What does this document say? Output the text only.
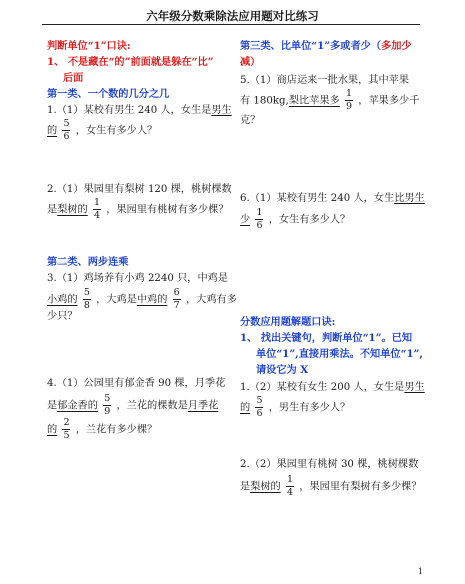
六年级分数乘除法应用题对比练习
判断单位“1”口诀:
1、 不是藏在“的”前面就是躲在“比”
后面
第一类、一个数的几分之几
1.（1）某校有男生 240 人，女生是男生
的 $\frac{5}{6}$ ，女生有多少人？
2.（1）果园里有梨树 120 棵，桃树棵数
是梨树的 $\frac{1}{4}$ ，果园里有桃树有多少棵？
第二类、两步连乘
3.（1）鸡场养有小鸡 2240 只，中鸡是
小鸡的 $\frac{5}{8}$ ，大鸡是中鸡的 $\frac{6}{7}$ ，大鸡有多
少只？
4.（1）公园里有郁金香 90 棵，月季花
是郁金香的 $\frac{5}{9}$ ，兰花的棵数是月季花
的 $\frac{2}{5}$ ，兰花有多少棵？
第三类、比单位“1”多或者少（多加少
减）
5.（1）商店运来一批水果，其中苹果
有 180kg,梨比苹果多 $\frac{1}{9}$ ，苹果多少千
克？
6.（1）某校有男生 240 人，女生比男生
少 $\frac{1}{6}$ ，女生有多少人？
分数应用题解题口诀:
1、 找出关键句，判断单位“1”。已知
单位“1”,直接用乘法。不知单位“1”,
请设它为 X
1.（2）某校有女生 200 人，女生是男生
的 $\frac{5}{6}$ ，男生有多少人？
2.（2）果园里有桃树 30 棵，桃树棵数
是梨树的 $\frac{1}{4}$ ，果园里有梨树有多少棵？
1
